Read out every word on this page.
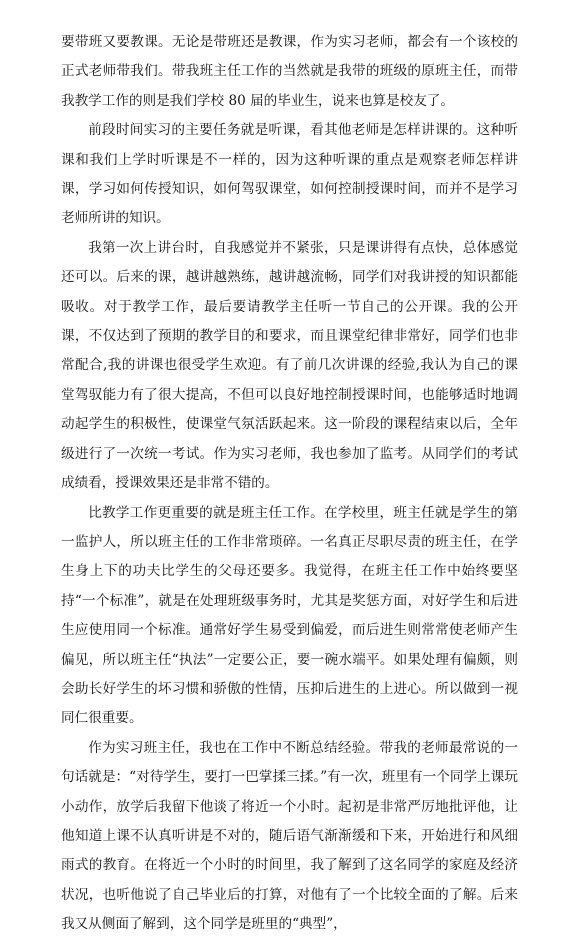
要带班又要教课。无论是带班还是教课，作为实习老师，都会有一个该校的正式老师带我们。带我班主任工作的当然就是我带的班级的原班主任，而带我教学工作的则是我们学校 80 届的毕业生，说来也算是校友了。

前段时间实习的主要任务就是听课，看其他老师是怎样讲课的。这种听课和我们上学时听课是不一样的，因为这种听课的重点是观察老师怎样讲课，学习如何传授知识，如何驾驭课堂，如何控制授课时间，而并不是学习老师所讲的知识。

我第一次上讲台时，自我感觉并不紧张，只是课讲得有点快，总体感觉还可以。后来的课，越讲越熟练，越讲越流畅，同学们对我讲授的知识都能吸收。对于教学工作，最后要请教学主任听一节自己的公开课。我的公开课，不仅达到了预期的教学目的和要求，而且课堂纪律非常好，同学们也非常配合,我的讲课也很受学生欢迎。有了前几次讲课的经验,我认为自己的课堂驾驭能力有了很大提高，不但可以良好地控制授课时间，也能够适时地调动起学生的积极性，使课堂气氛活跃起来。这一阶段的课程结束以后，全年级进行了一次统一考试。作为实习老师，我也参加了监考。从同学们的考试成绩看，授课效果还是非常不错的。

比教学工作更重要的就是班主任工作。在学校里，班主任就是学生的第一监护人，所以班主任的工作非常琐碎。一名真正尽职尽责的班主任，在学生身上下的功夫比学生的父母还要多。我觉得，在班主任工作中始终要坚持“一个标准”，就是在处理班级事务时，尤其是奖惩方面，对好学生和后进生应使用同一个标准。通常好学生易受到偏爱，而后进生则常常使老师产生偏见，所以班主任“执法”一定要公正，要一碗水端平。如果处理有偏颇，则会助长好学生的坏习惯和骄傲的性情，压抑后进生的上进心。所以做到一视同仁很重要。

作为实习班主任，我也在工作中不断总结经验。带我的老师最常说的一句话就是：“对待学生，要打一巴掌揉三揉。”有一次，班里有一个同学上课玩小动作，放学后我留下他谈了将近一个小时。起初是非常严厉地批评他，让他知道上课不认真听讲是不对的，随后语气渐渐缓和下来，开始进行和风细雨式的教育。在将近一个小时的时间里，我了解到了这名同学的家庭及经济状况，也听他说了自己毕业后的打算，对他有了一个比较全面的了解。后来我又从侧面了解到，这个同学是班里的“典型”，
